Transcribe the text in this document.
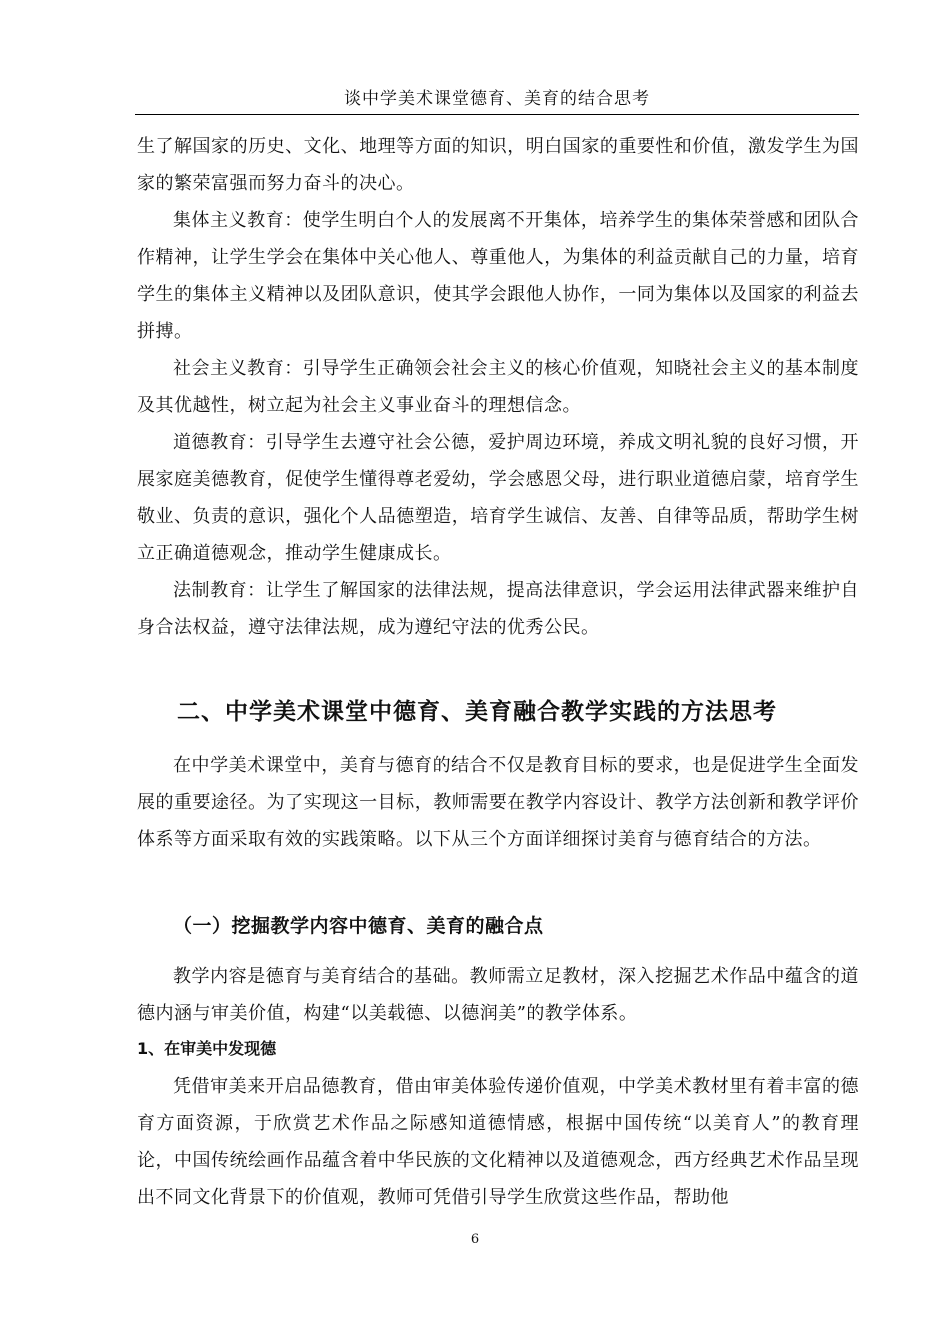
谈中学美术课堂德育、美育的结合思考

生了解国家的历史、文化、地理等方面的知识，明白国家的重要性和价值，激发学生为国家的繁荣富强而努力奋斗的决心。

集体主义教育：使学生明白个人的发展离不开集体，培养学生的集体荣誉感和团队合作精神，让学生学会在集体中关心他人、尊重他人，为集体的利益贡献自己的力量，培育学生的集体主义精神以及团队意识，使其学会跟他人协作，一同为集体以及国家的利益去拼搏。

社会主义教育：引导学生正确领会社会主义的核心价值观，知晓社会主义的基本制度及其优越性，树立起为社会主义事业奋斗的理想信念。

道德教育：引导学生去遵守社会公德，爱护周边环境，养成文明礼貌的良好习惯，开展家庭美德教育，促使学生懂得尊老爱幼，学会感恩父母，进行职业道德启蒙，培育学生敬业、负责的意识，强化个人品德塑造，培育学生诚信、友善、自律等品质，帮助学生树立正确道德观念，推动学生健康成长。

法制教育：让学生了解国家的法律法规，提高法律意识，学会运用法律武器来维护自身合法权益，遵守法律法规，成为遵纪守法的优秀公民。

二、中学美术课堂中德育、美育融合教学实践的方法思考

在中学美术课堂中，美育与德育的结合不仅是教育目标的要求，也是促进学生全面发展的重要途径。为了实现这一目标，教师需要在教学内容设计、教学方法创新和教学评价体系等方面采取有效的实践策略。以下从三个方面详细探讨美育与德育结合的方法。

（一）挖掘教学内容中德育、美育的融合点

教学内容是德育与美育结合的基础。教师需立足教材，深入挖掘艺术作品中蕴含的道德内涵与审美价值，构建“以美载德、以德润美”的教学体系。

1、在审美中发现德

凭借审美来开启品德教育，借由审美体验传递价值观，中学美术教材里有着丰富的德育方面资源，于欣赏艺术作品之际感知道德情感，根据中国传统“以美育人”的教育理论，中国传统绘画作品蕴含着中华民族的文化精神以及道德观念，西方经典艺术作品呈现出不同文化背景下的价值观，教师可凭借引导学生欣赏这些作品，帮助他

6
